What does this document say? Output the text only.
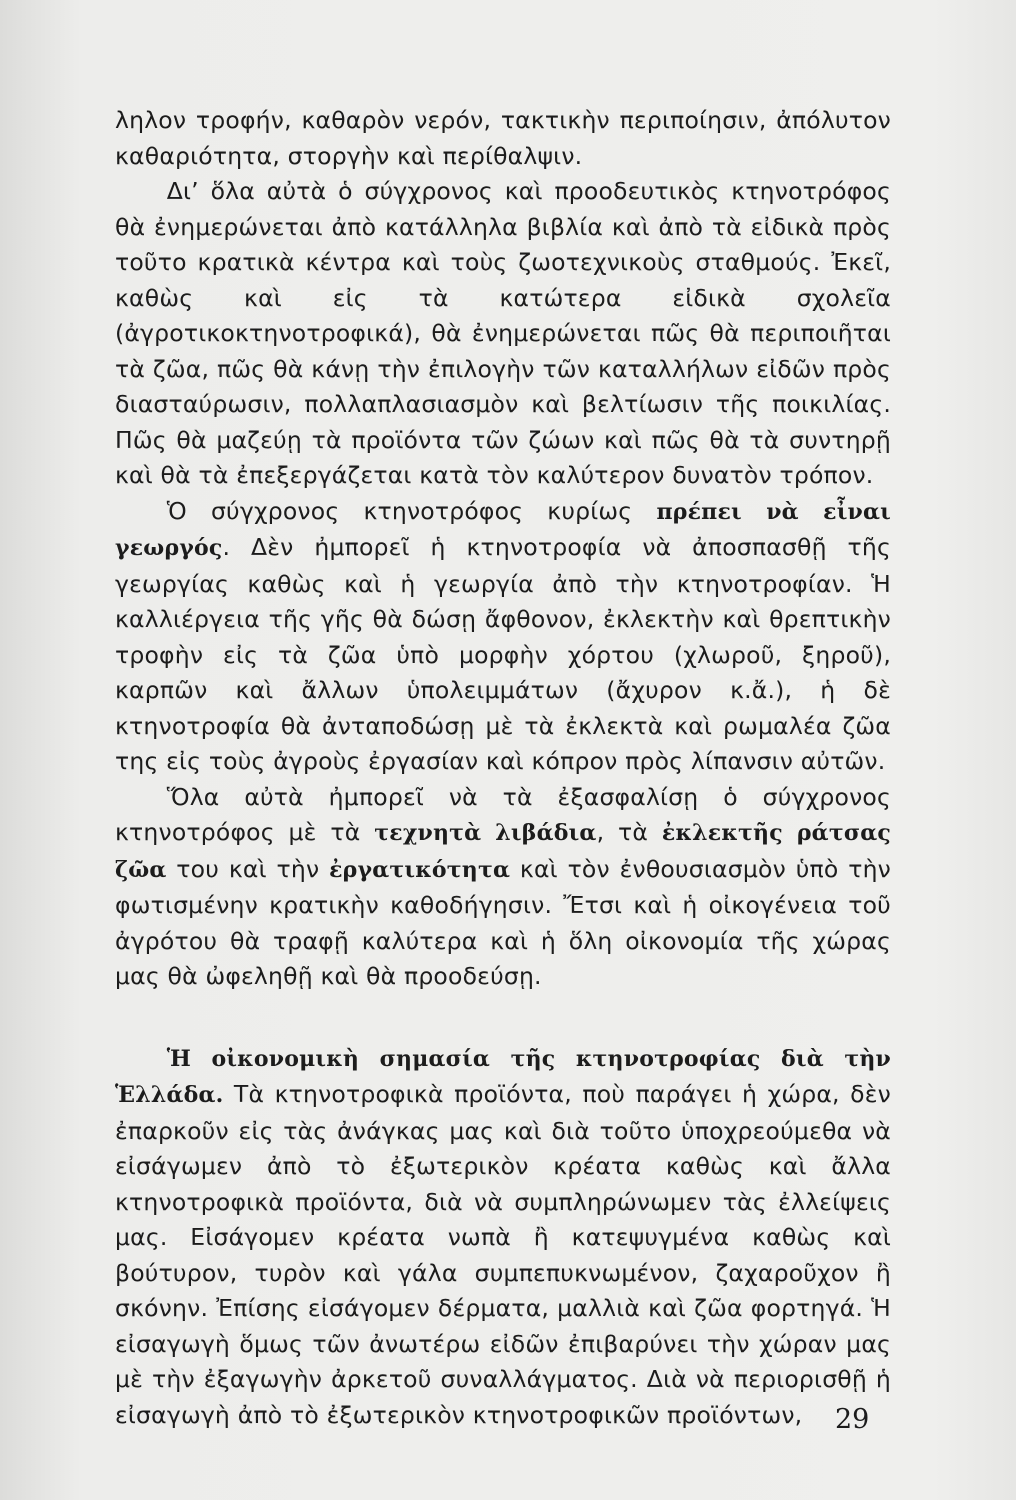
ληλον τροφήν, καθαρὸν νερόν, τακτικὴν περιποίησιν, ἀπόλυτον καθαριότητα, στοργὴν καὶ περίθαλψιν.

Δι’ ὅλα αὐτὰ ὁ σύγχρονος καὶ προοδευτικὸς κτηνοτρόφος θὰ ἐνημερώνεται ἀπὸ κατάλληλα βιβλία καὶ ἀπὸ τὰ εἰδικὰ πρὸς τοῦτο κρατικὰ κέντρα καὶ τοὺς ζωοτεχνικοὺς σταθμούς. Ἐκεῖ, καθὼς καὶ εἰς τὰ κατώτερα εἰδικὰ σχολεῖα (ἀγροτικοκτηνοτροφικά), θὰ ἐνημερώνεται πῶς θὰ περιποιῆται τὰ ζῶα, πῶς θὰ κάνῃ τὴν ἐπιλογὴν τῶν καταλλήλων εἰδῶν πρὸς διασταύρωσιν, πολλαπλασιασμὸν καὶ βελτίωσιν τῆς ποικιλίας. Πῶς θὰ μαζεύῃ τὰ προϊόντα τῶν ζώων καὶ πῶς θὰ τὰ συντηρῇ καὶ θὰ τὰ ἐπεξεργάζεται κατὰ τὸν καλύτερον δυνατὸν τρόπον.

Ὁ σύγχρονος κτηνοτρόφος κυρίως πρέπει νὰ εἶναι γεωργός. Δὲν ἠμπορεῖ ἡ κτηνοτροφία νὰ ἀποσπασθῇ τῆς γεωργίας καθὼς καὶ ἡ γεωργία ἀπὸ τὴν κτηνοτροφίαν. Ἡ καλλιέργεια τῆς γῆς θὰ δώσῃ ἄφθονον, ἐκλεκτὴν καὶ θρεπτικὴν τροφὴν εἰς τὰ ζῶα ὑπὸ μορφὴν χόρτου (χλωροῦ, ξηροῦ), καρπῶν καὶ ἄλλων ὑπολειμμάτων (ἄχυρον κ.ἄ.), ἡ δὲ κτηνοτροφία θὰ ἀνταποδώσῃ μὲ τὰ ἐκλεκτὰ καὶ ρωμαλέα ζῶα της εἰς τοὺς ἀγροὺς ἐργασίαν καὶ κόπρον πρὸς λίπανσιν αὐτῶν.

Ὅλα αὐτὰ ἠμπορεῖ νὰ τὰ ἐξασφαλίσῃ ὁ σύγχρονος κτηνοτρόφος μὲ τὰ τεχνητὰ λιβάδια, τὰ ἐκλεκτῆς ράτσας ζῶα του καὶ τὴν ἐργατικότητα καὶ τὸν ἐνθουσιασμὸν ὑπὸ τὴν φωτισμένην κρατικὴν καθοδήγησιν. Ἔτσι καὶ ἡ οἰκογένεια τοῦ ἀγρότου θὰ τραφῇ καλύτερα καὶ ἡ ὅλη οἰκονομία τῆς χώρας μας θὰ ὠφεληθῇ καὶ θὰ προοδεύσῃ.

Ἡ οἰκονομικὴ σημασία τῆς κτηνοτροφίας διὰ τὴν Ἑλλάδα. Τὰ κτηνοτροφικὰ προϊόντα, ποὺ παράγει ἡ χώρα, δὲν ἐπαρκοῦν εἰς τὰς ἀνάγκας μας καὶ διὰ τοῦτο ὑποχρεούμεθα νὰ εἰσάγωμεν ἀπὸ τὸ ἐξωτερικὸν κρέατα καθὼς καὶ ἄλλα κτηνοτροφικὰ προϊόντα, διὰ νὰ συμπληρώνωμεν τὰς ἐλλείψεις μας. Εἰσάγομεν κρέατα νωπὰ ἢ κατεψυγμένα καθὼς καὶ βούτυρον, τυρὸν καὶ γάλα συμπεπυκνωμένον, ζαχαροῦχον ἢ σκόνην. Ἐπίσης εἰσάγομεν δέρματα, μαλλιὰ καὶ ζῶα φορτηγά. Ἡ εἰσαγωγὴ ὅμως τῶν ἀνωτέρω εἰδῶν ἐπιβαρύνει τὴν χώραν μας μὲ τὴν ἐξαγωγὴν ἀρκετοῦ συναλλάγματος. Διὰ νὰ περιορισθῇ ἡ εἰσαγωγὴ ἀπὸ τὸ ἐξωτερικὸν κτηνοτροφικῶν προϊόντων,	29
